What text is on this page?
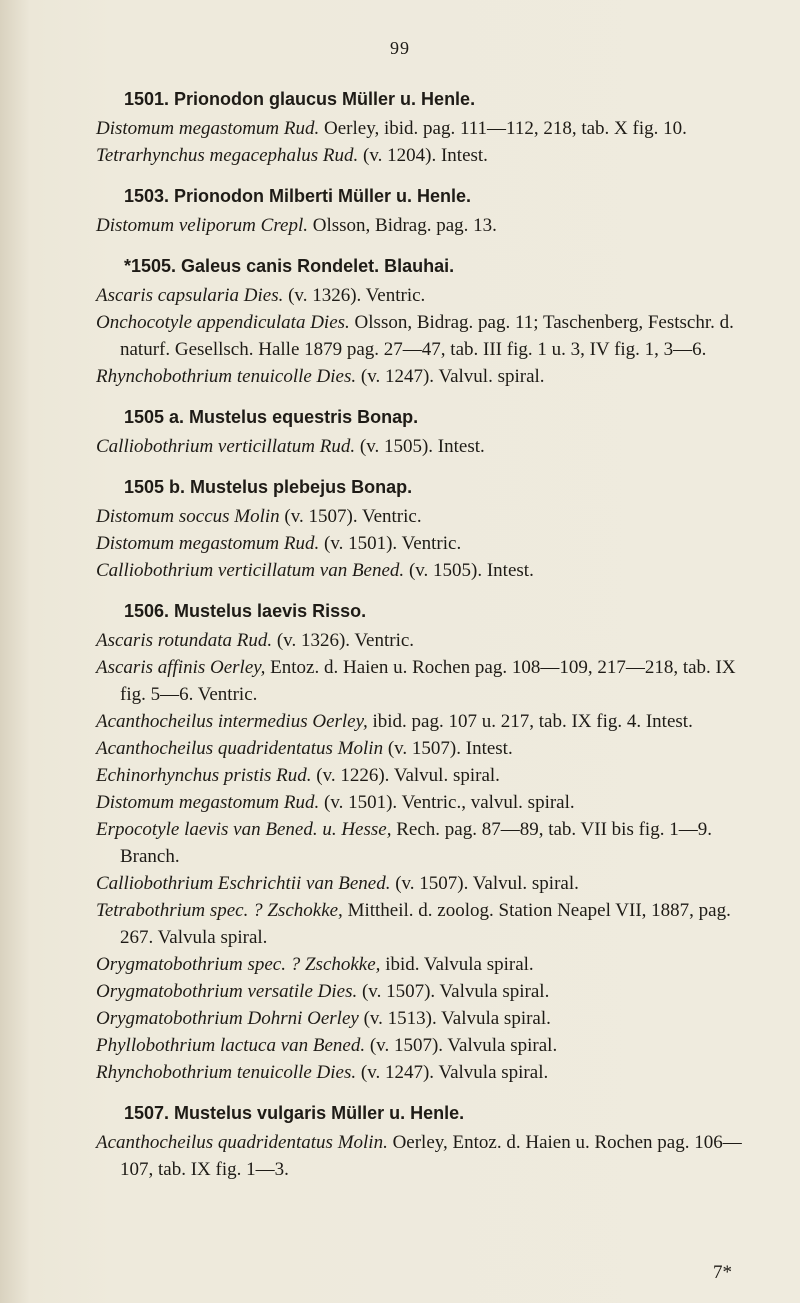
99
1501. Prionodon glaucus Müller u. Henle.
Distomum megastomum Rud. Oerley, ibid. pag. 111—112, 218, tab. X fig. 10.
Tetrarhynchus megacephalus Rud. (v. 1204). Intest.
1503. Prionodon Milberti Müller u. Henle.
Distomum veliporum Crepl. Olsson, Bidrag. pag. 13.
*1505. Galeus canis Rondelet. Blauhai.
Ascaris capsularia Dies. (v. 1326). Ventric.
Onchocotyle appendiculata Dies. Olsson, Bidrag. pag. 11; Taschenberg, Festschr. d. naturf. Gesellsch. Halle 1879 pag. 27—47, tab. III fig. 1 u. 3, IV fig. 1, 3—6.
Rhynchobothrium tenuicolle Dies. (v. 1247). Valvul. spiral.
1505 a. Mustelus equestris Bonap.
Calliobothrium verticillatum Rud. (v. 1505). Intest.
1505 b. Mustelus plebejus Bonap.
Distomum soccus Molin (v. 1507). Ventric.
Distomum megastomum Rud. (v. 1501). Ventric.
Calliobothrium verticillatum van Bened. (v. 1505). Intest.
1506. Mustelus laevis Risso.
Ascaris rotundata Rud. (v. 1326). Ventric.
Ascaris affinis Oerley, Entoz. d. Haien u. Rochen pag. 108—109, 217—218, tab. IX fig. 5—6. Ventric.
Acanthocheilus intermedius Oerley, ibid. pag. 107 u. 217, tab. IX fig. 4. Intest.
Acanthocheilus quadridentatus Molin (v. 1507). Intest.
Echinorhynchus pristis Rud. (v. 1226). Valvul. spiral.
Distomum megastomum Rud. (v. 1501). Ventric., valvul. spiral.
Erpocotyle laevis van Bened. u. Hesse, Rech. pag. 87—89, tab. VII bis fig. 1—9. Branch.
Calliobothrium Eschrichtii van Bened. (v. 1507). Valvul. spiral.
Tetrabothrium spec. ? Zschokke, Mittheil. d. zoolog. Station Neapel VII, 1887, pag. 267. Valvula spiral.
Orygmatobothrium spec. ? Zschokke, ibid. Valvula spiral.
Orygmatobothrium versatile Dies. (v. 1507). Valvula spiral.
Orygmatobothrium Dohrni Oerley (v. 1513). Valvula spiral.
Phyllobothrium lactuca van Bened. (v. 1507). Valvula spiral.
Rhynchobothrium tenuicolle Dies. (v. 1247). Valvula spiral.
1507. Mustelus vulgaris Müller u. Henle.
Acanthocheilus quadridentatus Molin. Oerley, Entoz. d. Haien u. Rochen pag. 106—107, tab. IX fig. 1—3.
7*
